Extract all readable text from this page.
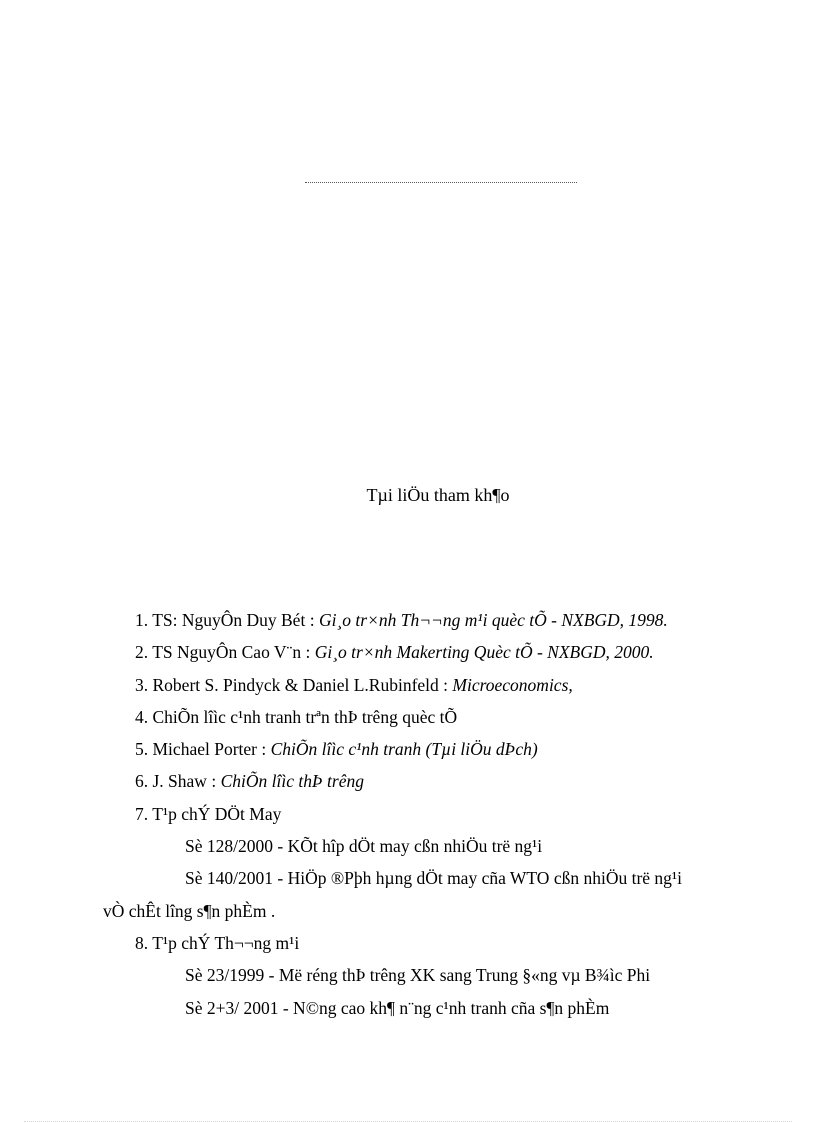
Tµi liÖu tham kh¶o
1. TS: NguyÔn Duy Bét : Gi¸o tr×nh Th¬¬ng m¹i quèc tÕ - NXBGD, 1998.
2. TS NguyÔn Cao V¨n : Gi¸o tr×nh Makerting Quèc tÕ - NXBGD, 2000.
3. Robert S. Pindyck & Daniel L.Rubinfeld : Microeconomics,
4. ChiÕn lîìc c¹nh tranh trªn thÞ trêng quèc tÕ
5. Michael Porter : ChiÕn lîìc c¹nh tranh (Tµi liÖu dÞch)
6. J. Shaw : ChiÕn lîìc thÞ trêng
7. T¹p chÝ DÖt May
Sè 128/2000 - KÕt hîp dÖt may cßn nhiÖu trë ng¹i
Sè 140/2001 - HiÖp ®Pþh hµng dÖt may cña WTO cßn nhiÖu trë ng¹i
vÒ chÊt lîng s¶n phÈm .
8. T¹p chÝ Th¬¬ng m¹i
Sè 23/1999 - Më réng thÞ trêng XK sang Trung §«ng vµ B¾ìc Phi
Sè 2+3/ 2001 - N©ng cao kh¶ n¨ng c¹nh tranh cña s¶n phÈm
